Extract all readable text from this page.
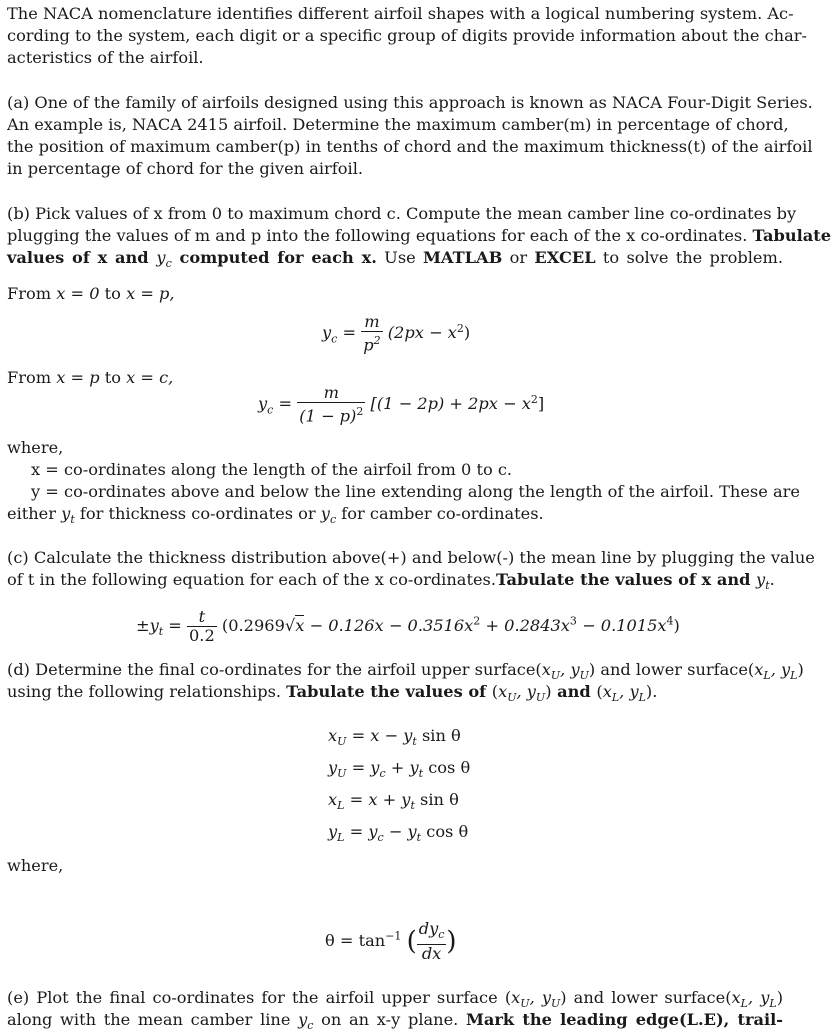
The NACA nomenclature identifies different airfoil shapes with a logical numbering system. Ac-
cording to the system, each digit or a specific group of digits provide information about the char-
acteristics of the airfoil.
(a) One of the family of airfoils designed using this approach is known as NACA Four-Digit Series.
An example is, NACA 2415 airfoil. Determine the maximum camber(m) in percentage of chord,
the position of maximum camber(p) in tenths of chord and the maximum thickness(t) of the airfoil
in percentage of chord for the given airfoil.
(b) Pick values of x from 0 to maximum chord c. Compute the mean camber line co-ordinates by
plugging the values of m and p into the following equations for each of the x co-ordinates. Tabulate
values of x and $y_c$ computed for each x. Use MATLAB or EXCEL to solve the problem.
From x = 0 to x = p,
$y_c = \frac{m}{p^2} (2px - x^2)$
From x = p to x = c,
$y_c = \frac{m}{(1 - p)^2} [(1 - 2p) + 2px - x^2]$
where,
x = co-ordinates along the length of the airfoil from 0 to c.
y = co-ordinates above and below the line extending along the length of the airfoil. These are
either $y_t$ for thickness co-ordinates or $y_c$ for camber co-ordinates.
(c) Calculate the thickness distribution above(+) and below(-) the mean line by plugging the value
of t in the following equation for each of the x co-ordinates.Tabulate the values of x and $y_t$.
$\pm y_t = \frac{t}{0.2} (0.2969√x - 0.126x - 0.3516x^2 + 0.2843x^3 - 0.1015x^4)$
(d) Determine the final co-ordinates for the airfoil upper $surface(x_U$, $y_U$) and lower $surface(x_L$, $y_L$)
using the following relationships. Tabulate the values of ($x_U$, $y_U$) and ($x_L$, $y_L$).
$x_U = x - y_t$ sin θ
$y_U = y_c + y_t$ cos θ
$x_L = x + y_t$ sin θ
$y_L = y_c - y_t$ cos θ
where,
$\theta = \tan^{-1}$ ( $\frac{dy_c}{dx}$ )
(e) Plot the final co-ordinates for the airfoil upper surface ($x_U$, $y_U$) and lower $surface(x_L$, $y_L$)
along with the mean camber line $y_c$ on an x-y plane. Mark the leading edge(L.E), trail-
